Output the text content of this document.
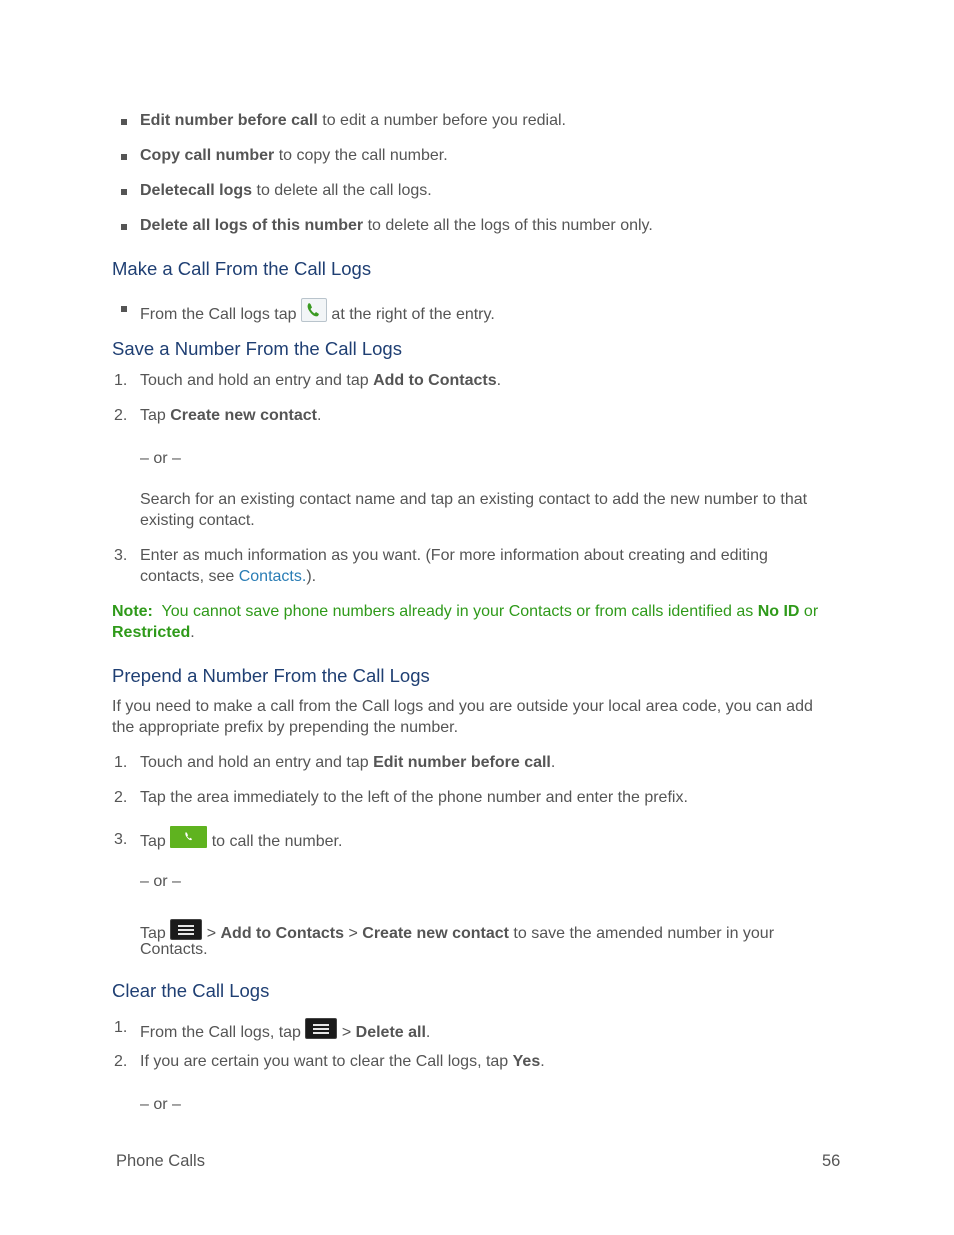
Edit number before call to edit a number before you redial.
Copy call number to copy the call number.
Deletecall logs to delete all the call logs.
Delete all logs of this number to delete all the logs of this number only.
Make a Call From the Call Logs
From the Call logs tap
at the right of the entry.
Save a Number From the Call Logs
1. Touch and hold an entry and tap Add to Contacts.
2. Tap Create new contact.
– or –
Search for an existing contact name and tap an existing contact to add the new number to that
existing contact.
3. Enter as much information as you want. (For more information about creating and editing
contacts, see Contacts.).
Note:  You cannot save phone numbers already in your Contacts or from calls identified as No ID or
Restricted.
Prepend a Number From the Call Logs
If you need to make a call from the Call logs and you are outside your local area code, you can add
the appropriate prefix by prepending the number.
1. Touch and hold an entry and tap Edit number before call.
2. Tap the area immediately to the left of the phone number and enter the prefix.
3. Tap
to call the number.
– or –
Tap
> Add to Contacts > Create new contact to save the amended number in your
Contacts.
Clear the Call Logs
1. From the Call logs, tap
> Delete all.
2. If you are certain you want to clear the Call logs, tap Yes.
– or –
Phone Calls	56
